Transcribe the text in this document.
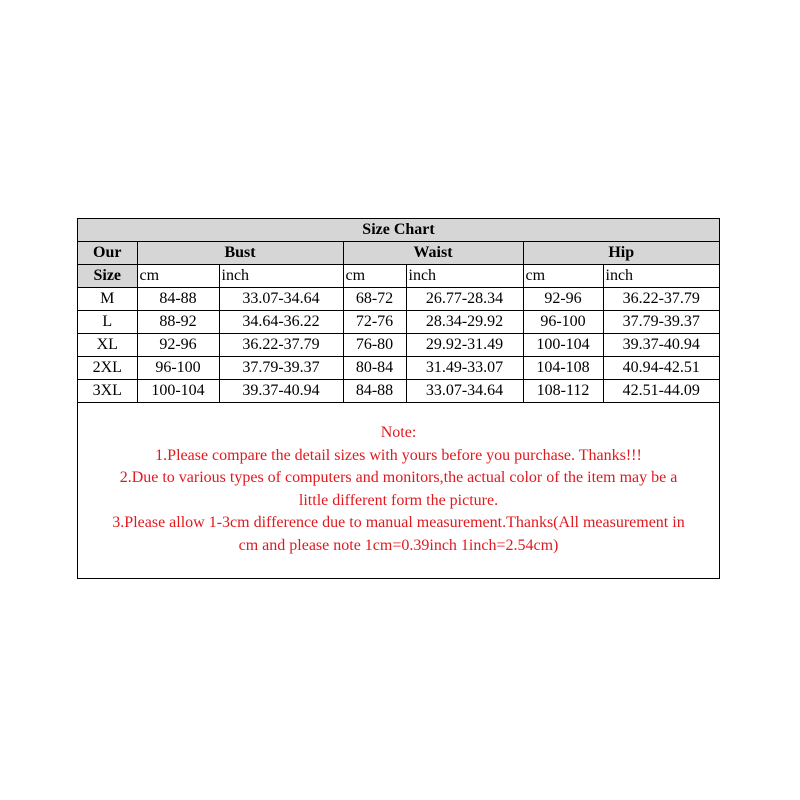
Size Chart						
Our	Bust		Waist		Hip	
Size	cm	inch	cm	inch	cm	inch
M	84-88	33.07-34.64	68-72	26.77-28.34	92-96	36.22-37.79
L	88-92	34.64-36.22	72-76	28.34-29.92	96-100	37.79-39.37
XL	92-96	36.22-37.79	76-80	29.92-31.49	100-104	39.37-40.94
2XL	96-100	37.79-39.37	80-84	31.49-33.07	104-108	40.94-42.51
3XL	100-104	39.37-40.94	84-88	33.07-34.64	108-112	42.51-44.09
Note:
1.Please compare the detail sizes with yours before you purchase. Thanks!!!
2.Due to various types of computers and monitors,the actual color of the item may be a
little different form the picture.
3.Please allow 1-3cm difference due to manual measurement.Thanks(All measurement in
cm and please note 1cm=0.39inch 1inch=2.54cm)
